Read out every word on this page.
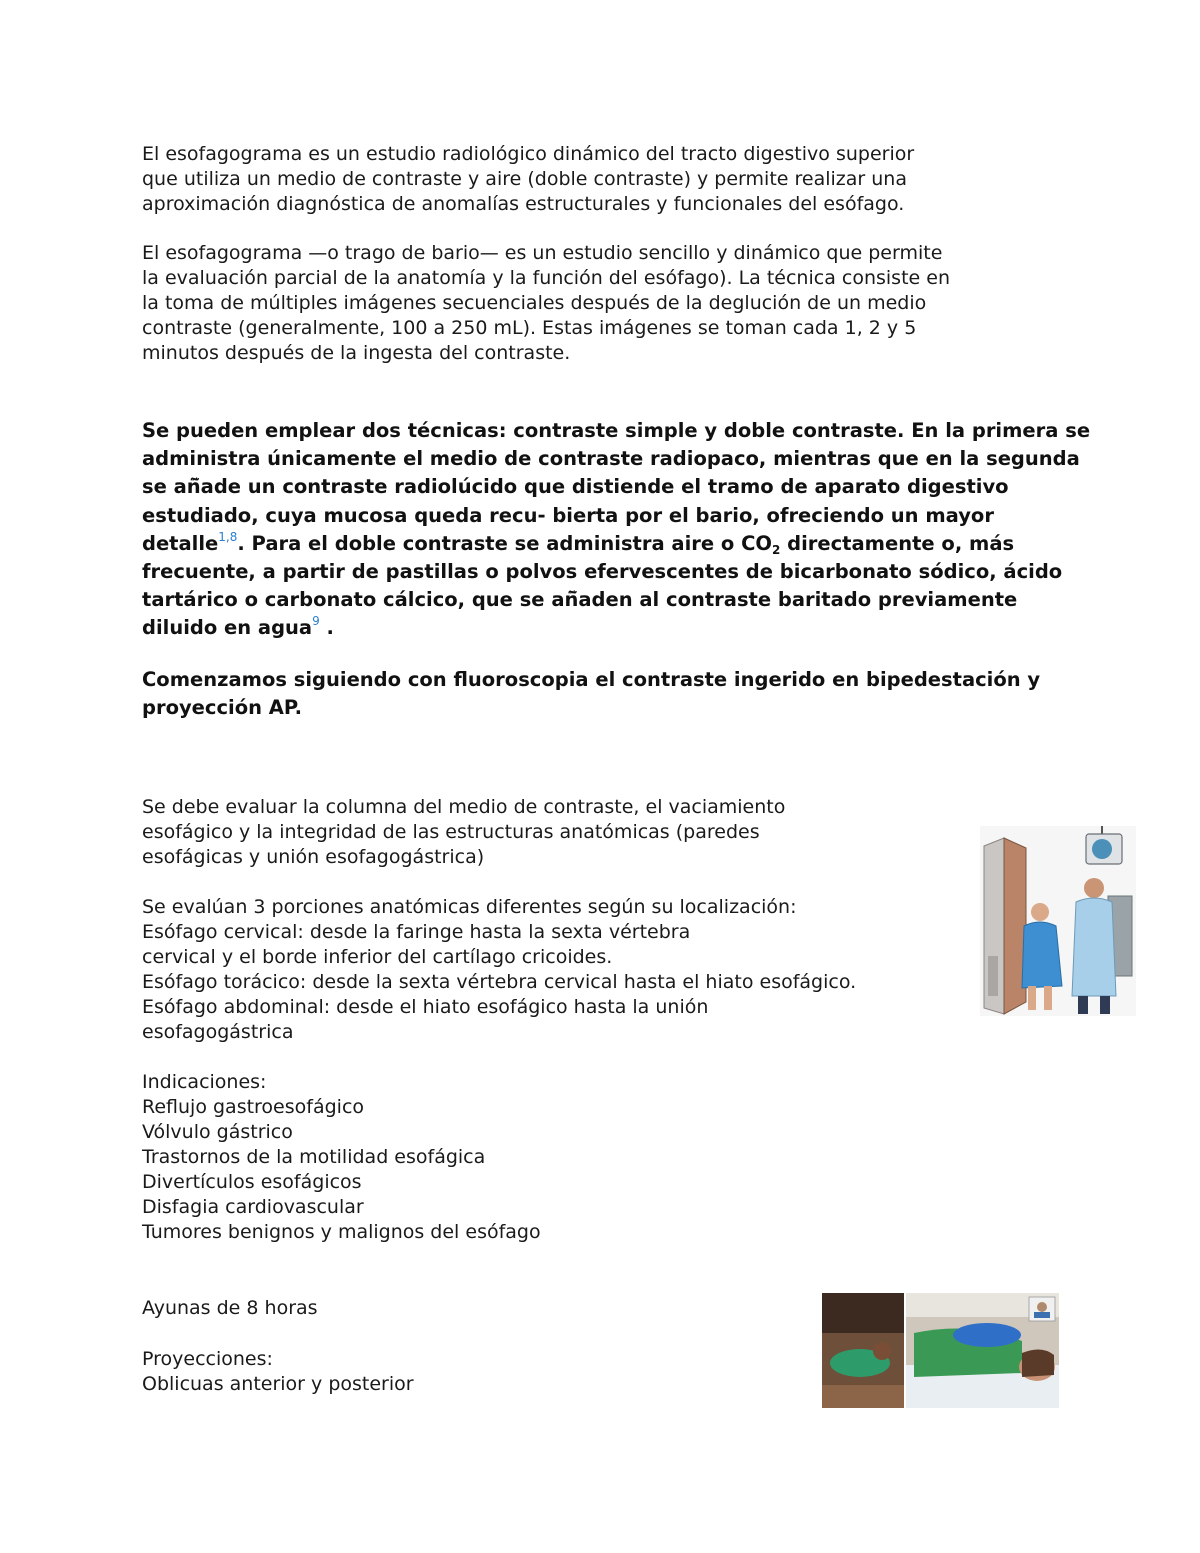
El esofagograma es un estudio radiológico dinámico del tracto digestivo superior
que utiliza un medio de contraste y aire (doble contraste) y permite realizar una
aproximación diagnóstica de anomalías estructurales y funcionales del esófago.
El esofagograma —o trago de bario— es un estudio sencillo y dinámico que permite
la evaluación parcial de la anatomía y la función del esófago). La técnica consiste en
la toma de múltiples imágenes secuenciales después de la deglución de un medio
contraste (generalmente, 100 a 250 mL). Estas imágenes se toman cada 1, 2 y 5
minutos después de la ingesta del contraste.
Se pueden emplear dos técnicas: contraste simple y doble contraste. En la primera se
administra únicamente el medio de contraste radiopaco, mientras que en la segunda
se añ̃ade un contraste radiolúcido que distiende el tramo de aparato digestivo
estudiado, cuya mucosa queda recu- bierta por el bario, ofreciendo un mayor
detalle$^{1,8}$. Para el doble contraste se administra aire o $CO_2$ directamente o, más
frecuente, a partir de pastillas o polvos efervescentes de bicarbonato sódico, ácido
tartárico o carbonato cálcico, que se añ̃aden al contraste baritado previamente
diluido en agua$^9$ .
Comenzamos siguiendo con fluoroscopia el contraste ingerido en bipedestación y
proyección AP.
Se debe evaluar la columna del medio de contraste, el vaciamiento
esofágico y la integridad de las estructuras anatómicas (paredes
esofágicas y unión esofagogástrica)
Se evalúan 3 porciones anatómicas diferentes según su localización:
Esófago cervical: desde la faringe hasta la sexta vértebra
cervical y el borde inferior del cartílago cricoides.
Esófago torácico: desde la sexta vértebra cervical hasta el hiato esofágico.
Esófago abdominal: desde el hiato esofágico hasta la unión
esofagogástrica
Indicaciones:
Reflujo gastroesofágico
Vólvulo gástrico
Trastornos de la motilidad esofágica
Divertículos esofágicos
Disfagia cardiovascular
Tumores benignos y malignos del esófago
Ayunas de 8 horas
Proyecciones:
Oblicuas anterior y posterior
